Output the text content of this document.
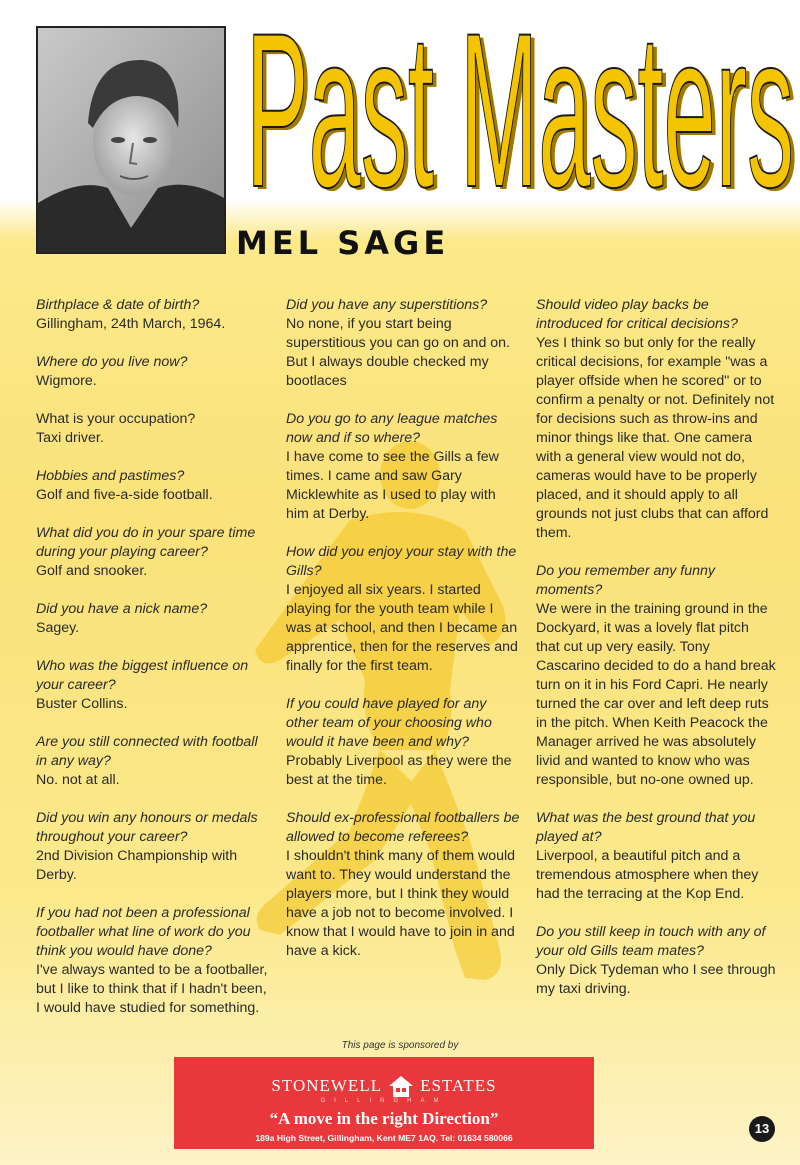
Past Masters
Past Masters
MEL SAGE
Birthplace & date of birth?
Gillingham, 24th March, 1964.
Where do you live now?
Wigmore.
What is your occupation?
Taxi driver.
Hobbies and pastimes?
Golf and five-a-side football.
What did you do in your spare time during your playing career?
Golf and snooker.
Did you have a nick name?
Sagey.
Who was the biggest influence on your career?
Buster Collins.
Are you still connected with football in any way?
No. not at all.
Did you win any honours or medals throughout your career?
2nd Division Championship with Derby.
If you had not been a professional footballer what line of work do you think you would have done?
I've always wanted to be a footballer, but I like to think that if I hadn't been, I would have studied for something.
Did you have any superstitions?
No none, if you start being superstitious you can go on and on. But I always double checked my bootlaces
Do you go to any league matches now and if so where?
I have come to see the Gills a few times. I came and saw Gary Micklewhite as I used to play with him at Derby.
How did you enjoy your stay with the Gills?
I enjoyed all six years. I started playing for the youth team while I was at school, and then I became an apprentice, then for the reserves and finally for the first team.
If you could have played for any other team of your choosing who would it have been and why?
Probably Liverpool as they were the best at the time.
Should ex-professional footballers be allowed to become referees?
I shouldn't think many of them would want to. They would understand the players more, but I think they would have a job not to become involved. I know that I would have to join in and have a kick.
Should video play backs be introduced for critical decisions?
Yes I think so but only for the really critical decisions, for example "was a player offside when he scored" or to confirm a penalty or not. Definitely not for decisions such as throw-ins and minor things like that. One camera with a general view would not do, cameras would have to be properly placed, and it should apply to all grounds not just clubs that can afford them.
Do you remember any funny moments?
We were in the training ground in the Dockyard, it was a lovely flat pitch that cut up very easily. Tony Cascarino decided to do a hand break turn on it in his Ford Capri. He nearly turned the car over and left deep ruts in the pitch. When Keith Peacock the Manager arrived he was absolutely livid and wanted to know who was responsible, but no-one owned up.
What was the best ground that you played at?
Liverpool, a beautiful pitch and a tremendous atmosphere when they had the terracing at the Kop End.
Do you still keep in touch with any of your old Gills team mates?
Only Dick Tydeman who I see through my taxi driving.
This page is sponsored by
STONEWELL ESTATES
GILLINGHAM
“A move in the right Direction”
189a High Street, Gillingham, Kent ME7 1AQ. Tel: 01634 580066
13
